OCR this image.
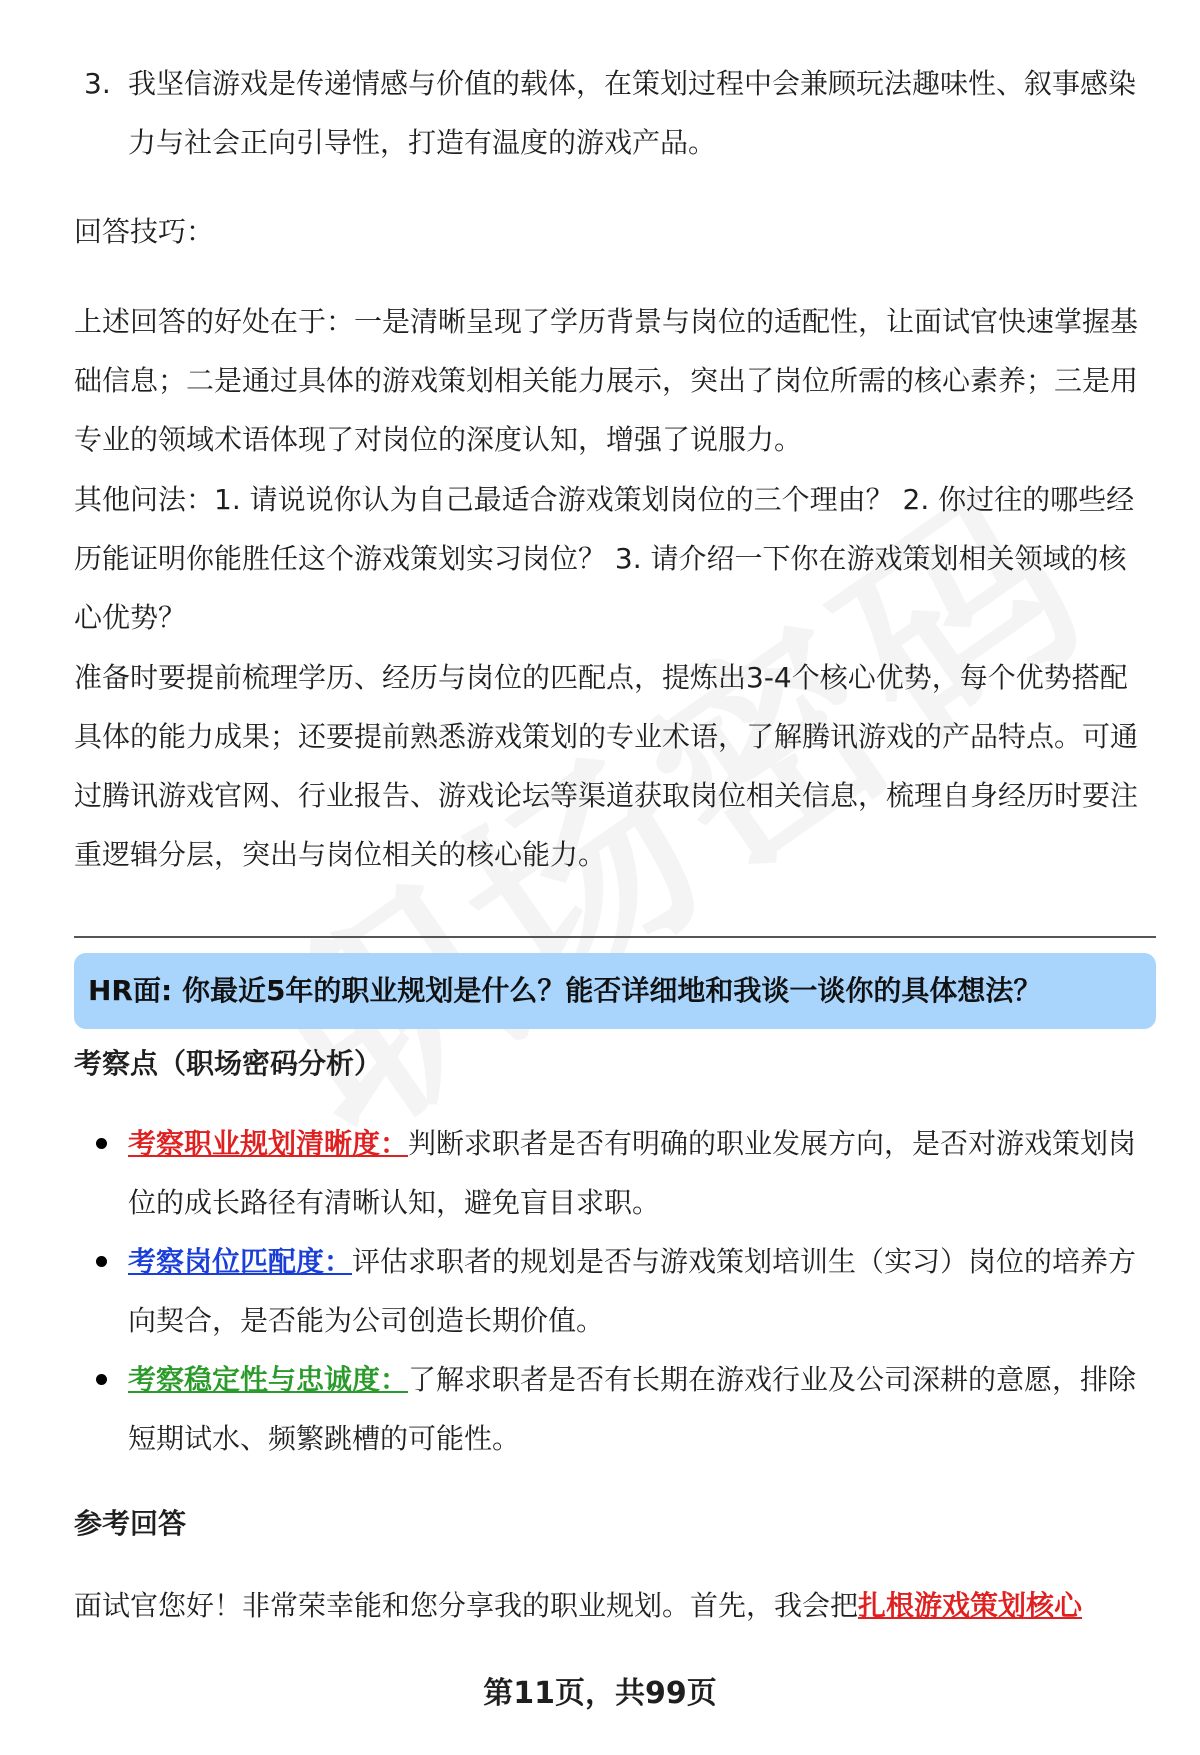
3. 我坚信游戏是传递情感与价值的载体，在策划过程中会兼顾玩法趣味性、叙事感染力与社会正向引导性，打造有温度的游戏产品。

回答技巧：

上述回答的好处在于：一是清晰呈现了学历背景与岗位的适配性，让面试官快速掌握基础信息；二是通过具体的游戏策划相关能力展示，突出了岗位所需的核心素养；三是用专业的领域术语体现了对岗位的深度认知，增强了说服力。

其他问法：1. 请说说你认为自己最适合游戏策划岗位的三个理由？ 2. 你过往的哪些经历能证明你能胜任这个游戏策划实习岗位？ 3. 请介绍一下你在游戏策划相关领域的核心优势？

准备时要提前梳理学历、经历与岗位的匹配点，提炼出3-4个核心优势，每个优势搭配具体的能力成果；还要提前熟悉游戏策划的专业术语，了解腾讯游戏的产品特点。可通过腾讯游戏官网、行业报告、游戏论坛等渠道获取岗位相关信息，梳理自身经历时要注重逻辑分层，突出与岗位相关的核心能力。

HR面: 你最近5年的职业规划是什么？能否详细地和我谈一谈你的具体想法？
考察点（职场密码分析）
考察职业规划清晰度：判断求职者是否有明确的职业发展方向，是否对游戏策划岗位的成长路径有清晰认知，避免盲目求职。
考察岗位匹配度：评估求职者的规划是否与游戏策划培训生（实习）岗位的培养方向契合，是否能为公司创造长期价值。
考察稳定性与忠诚度：了解求职者是否有长期在游戏行业及公司深耕的意愿，排除短期试水、频繁跳槽的可能性。
参考回答

面试官您好！非常荣幸能和您分享我的职业规划。首先，我会把扎根游戏策划核心

第11页，共99页
